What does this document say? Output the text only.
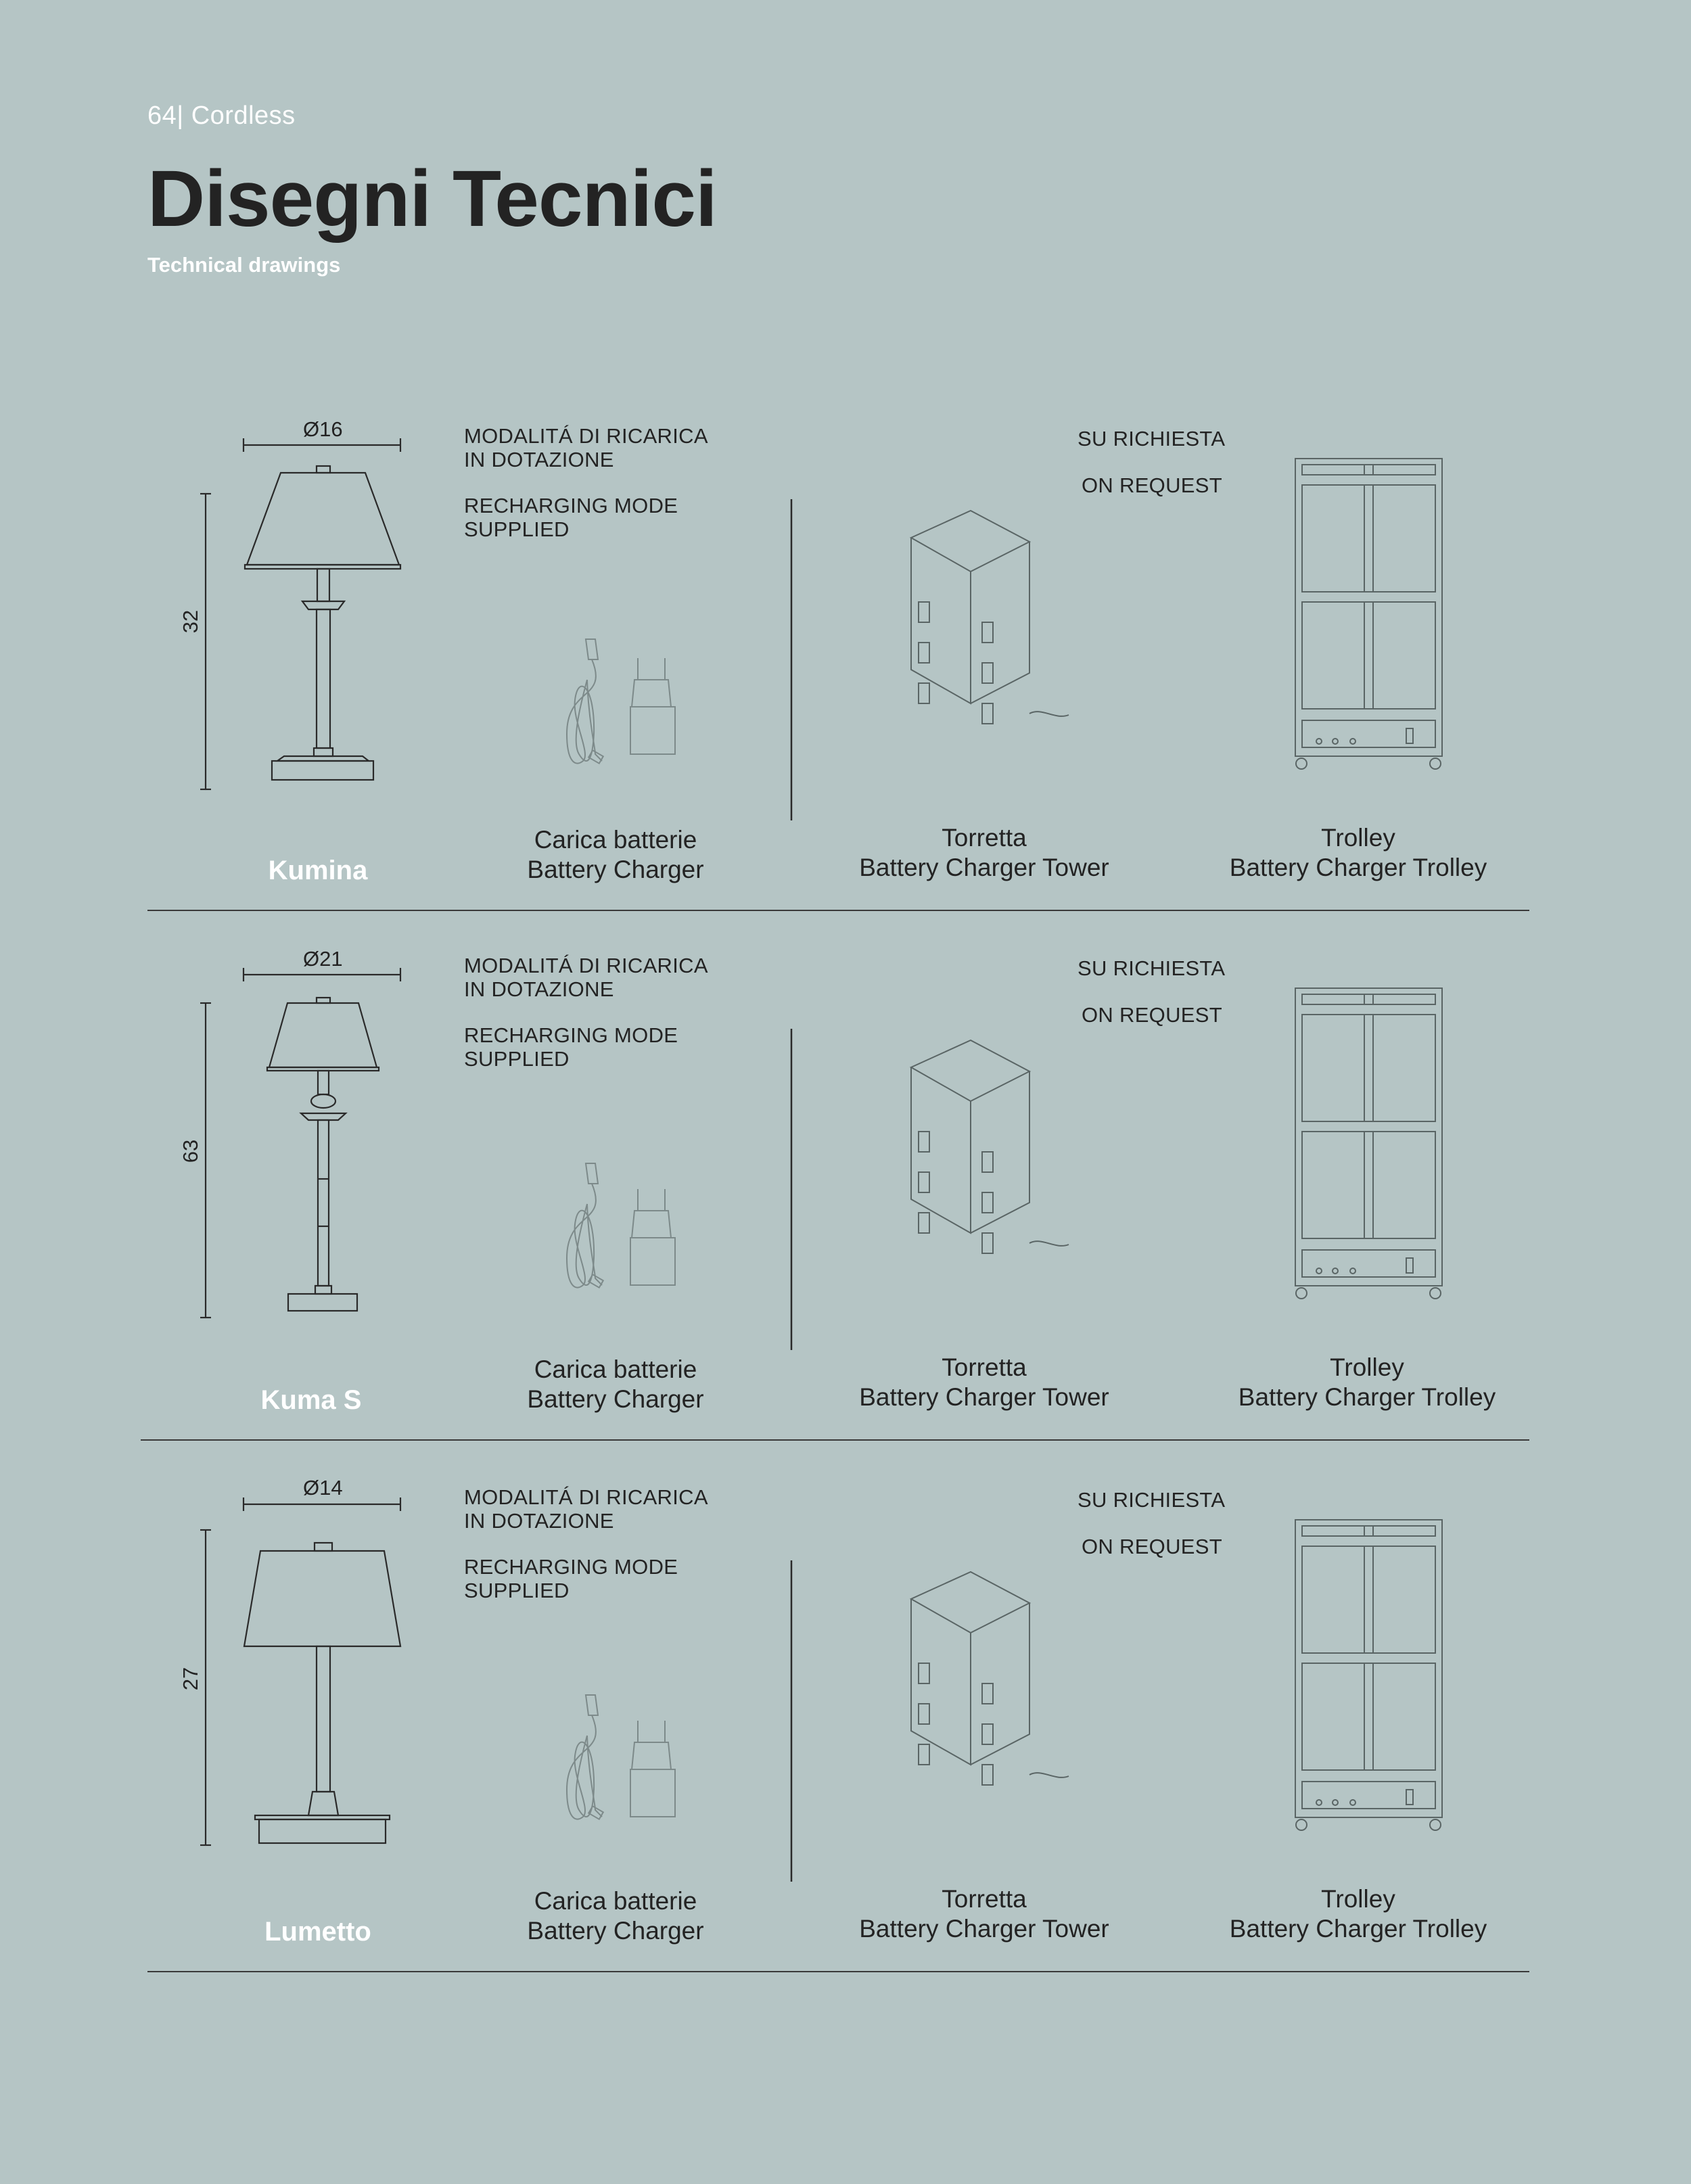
64| Cordless
Disegni Tecnici
Technical drawings
Ø16
32
MODALITÁ DI RICARICA
IN DOTAZIONE
RECHARGING MODE
SUPPLIED
SU RICHIESTA
ON REQUEST
Kumina
Carica batterie
Battery Charger
Torretta
Battery Charger Tower
Trolley
Battery Charger Trolley
Ø21
63
MODALITÁ DI RICARICA
IN DOTAZIONE
RECHARGING MODE
SUPPLIED
SU RICHIESTA
ON REQUEST
Kuma S
Carica batterie
Battery Charger
Torretta
Battery Charger Tower
Trolley
Battery Charger Trolley
Ø14
27
MODALITÁ DI RICARICA
IN DOTAZIONE
RECHARGING MODE
SUPPLIED
SU RICHIESTA
ON REQUEST
Lumetto
Carica batterie
Battery Charger
Torretta
Battery Charger Tower
Trolley
Battery Charger Trolley
